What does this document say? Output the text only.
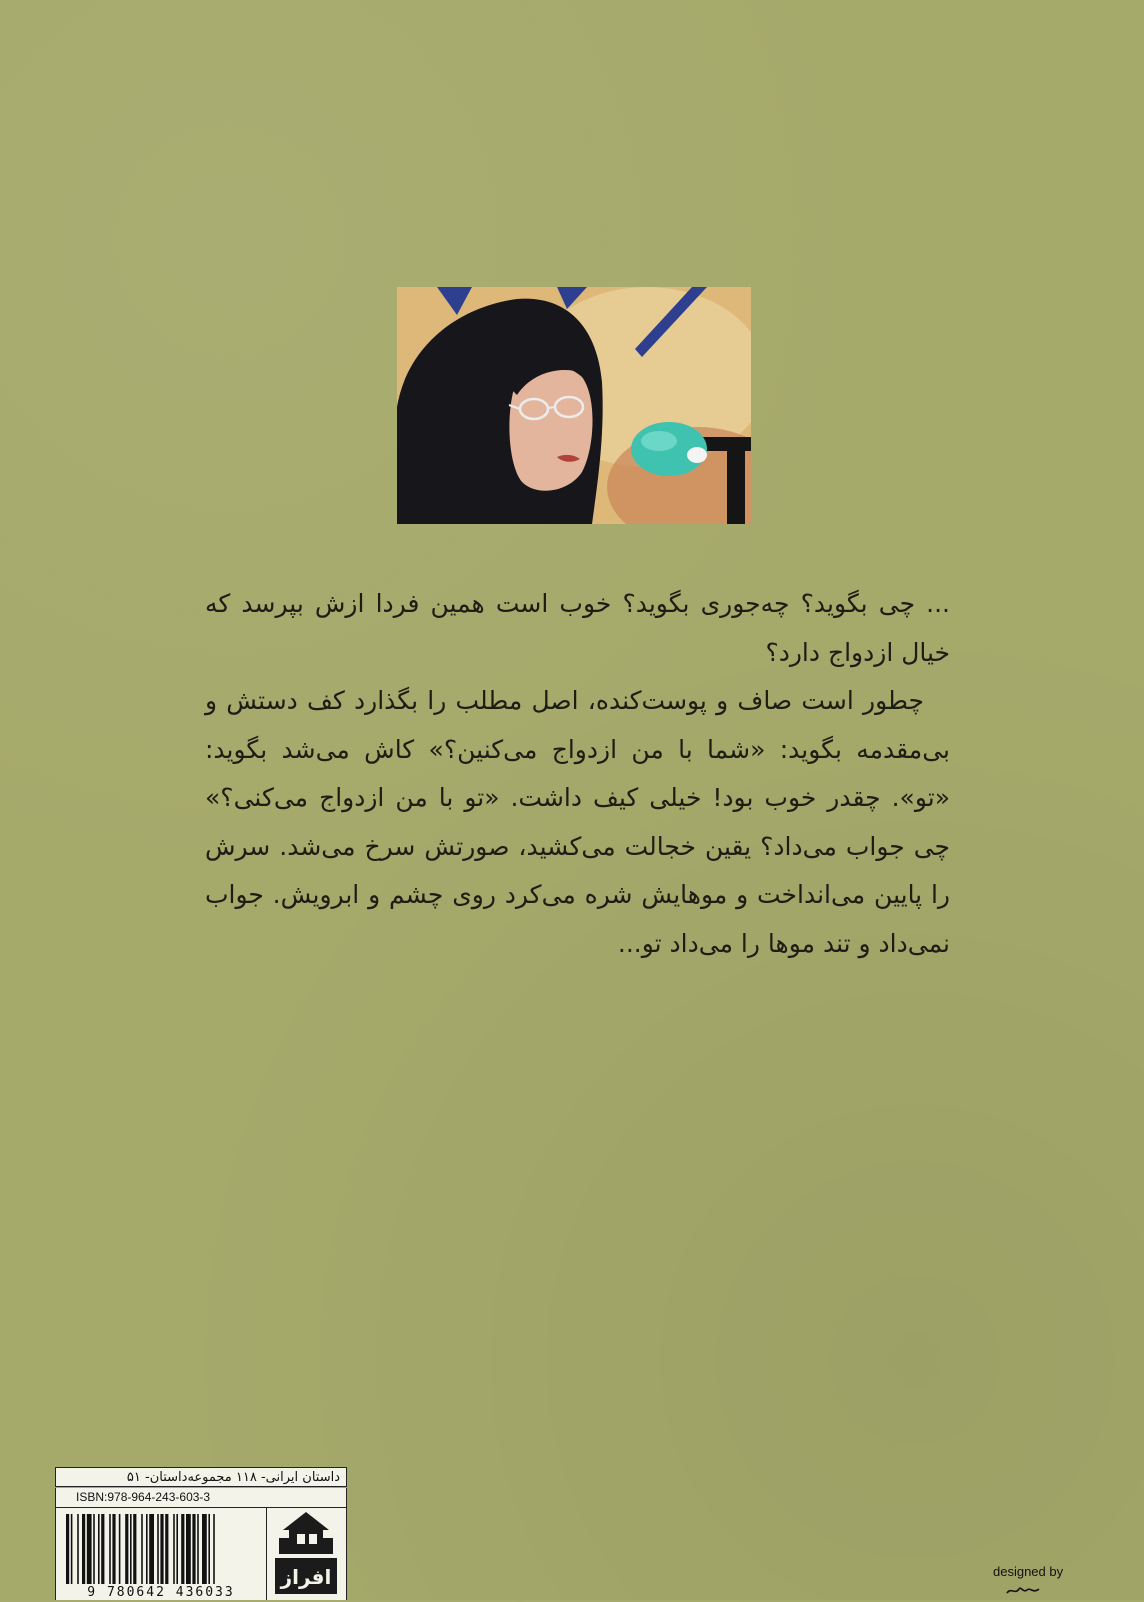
... چی بگوید؟ چه‌جوری بگوید؟ خوب است همین فردا ازش بپرسد که خیال ازدواج دارد؟

چطور است صاف و پوست‌کنده، اصل مطلب را بگذارد کف دستش و بی‌مقدمه بگوید: «شما با من ازدواج می‌کنین؟» کاش می‌شد بگوید: «تو». چقدر خوب بود! خیلی کیف داشت. «تو با من ازدواج می‌کنی؟» چی جواب می‌داد؟ یقین خجالت می‌کشید، صورتش سرخ می‌شد. سرش را پایین می‌انداخت و موهایش شره می‌کرد روی چشم و ابرویش. جواب نمی‌داد و تند موها را می‌داد تو...

داستان ایرانی- ۱۱۸ مجموعه‌داستان- ۵۱
ISBN:978-964-243-603-3
9 780642 436033
افراز	designed by
